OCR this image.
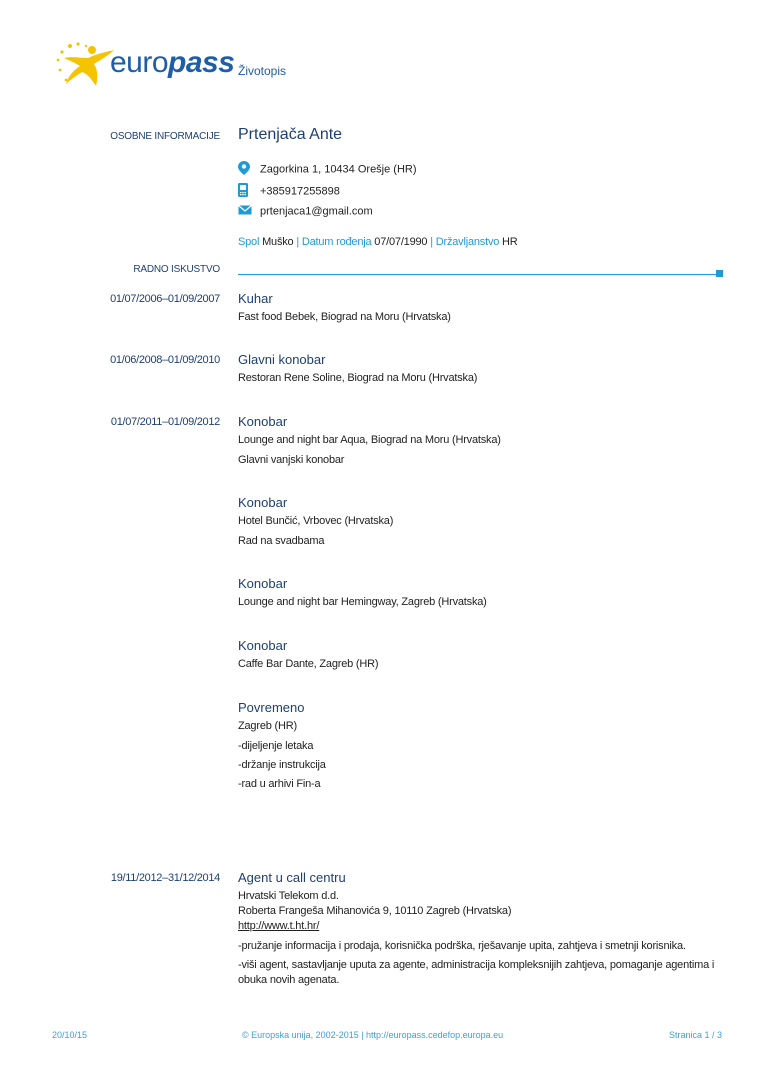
europass Životopis
OSOBNE INFORMACIJE Prtenjača Ante
Zagorkina 1, 10434 Orešje (HR)
+385917255898
prtenjaca1@gmail.com
Spol Muško | Datum rođenja 07/07/1990 | Državljanstvo HR
RADNO ISKUSTVO
01/07/2006–01/09/2007 Kuhar
Fast food Bebek, Biograd na Moru (Hrvatska)
01/06/2008–01/09/2010 Glavni konobar
Restoran Rene Soline, Biograd na Moru (Hrvatska)
01/07/2011–01/09/2012 Konobar
Lounge and night bar Aqua, Biograd na Moru (Hrvatska)
Glavni vanjski konobar
Konobar
Hotel Bunčić, Vrbovec (Hrvatska)
Rad na svadbama
Konobar
Lounge and night bar Hemingway, Zagreb (Hrvatska)
Konobar
Caffe Bar Dante, Zagreb (HR)
Povremeno
Zagreb (HR)
-dijeljenje letaka
-držanje instrukcija
-rad u arhivi Fin-a
19/11/2012–31/12/2014 Agent u call centru
Hrvatski Telekom d.d.
Roberta Frangeša Mihanovića 9, 10110 Zagreb (Hrvatska)
http://www.t.ht.hr/
-pružanje informacija i prodaja, korisnička podrška, rješavanje upita, zahtjeva i smetnji korisnika.
-viši agent, sastavljanje uputa za agente, administracija kompleksnijih zahtjeva, pomaganje agentima i obuka novih agenata.
20/10/15	© Europska unija, 2002-2015 | http://europass.cedefop.europa.eu	Stranica 1 / 3
